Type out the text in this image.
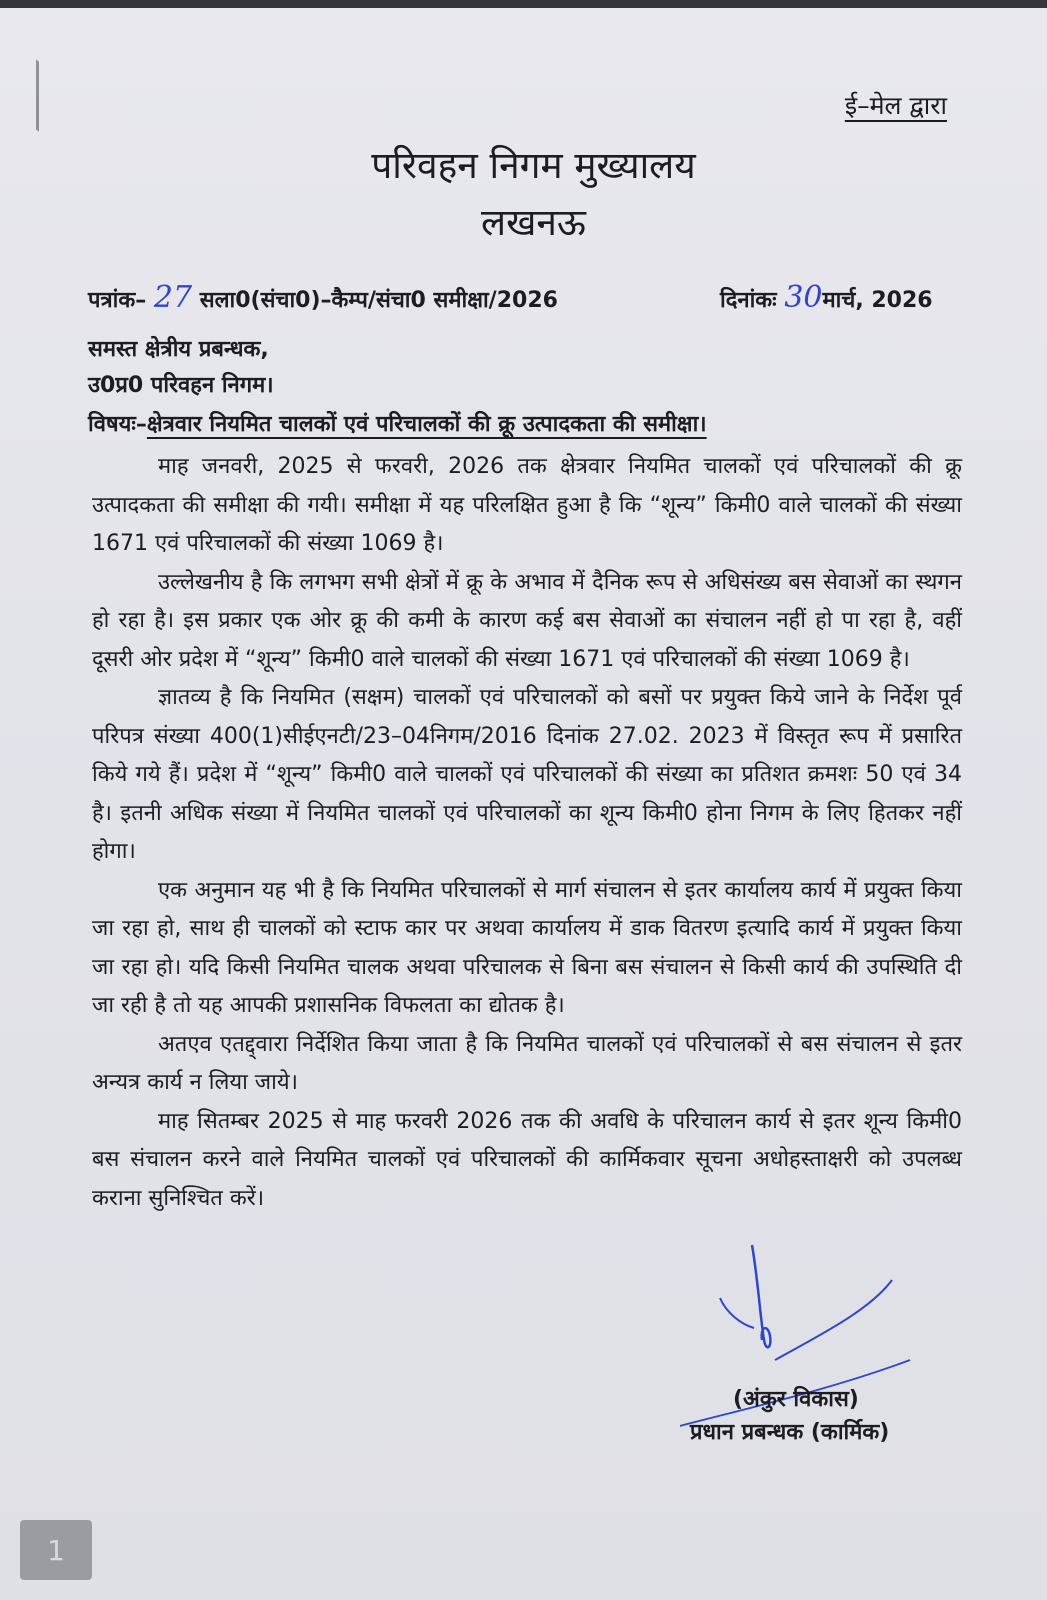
ई–मेल द्वारा
परिवहन निगम मुख्यालय
लखनऊ
पत्रांक– 27 सला0(संचा0)–कैम्प/संचा0 समीक्षा/2026	दिनांकः 30मार्च, 2026
समस्त क्षेत्रीय प्रबन्धक,
उ0प्र0 परिवहन निगम।
विषयः–क्षेत्रवार नियमित चालकों एवं परिचालकों की क्रू उत्पादकता की समीक्षा।

माह जनवरी, 2025 से फरवरी, 2026 तक क्षेत्रवार नियमित चालकों एवं परिचालकों की क्रू उत्पादकता की समीक्षा की गयी। समीक्षा में यह परिलक्षित हुआ है कि “शून्य” किमी0 वाले चालकों की संख्या 1671 एवं परिचालकों की संख्या 1069 है।

उल्लेखनीय है कि लगभग सभी क्षेत्रों में क्रू के अभाव में दैनिक रूप से अधिसंख्य बस सेवाओं का स्थगन हो रहा है। इस प्रकार एक ओर क्रू की कमी के कारण कई बस सेवाओं का संचालन नहीं हो पा रहा है, वहीं दूसरी ओर प्रदेश में “शून्य” किमी0 वाले चालकों की संख्या 1671 एवं परिचालकों की संख्या 1069 है।

ज्ञातव्य है कि नियमित (सक्षम) चालकों एवं परिचालकों को बसों पर प्रयुक्त किये जाने के निर्देश पूर्व परिपत्र संख्या 400(1)सीईएनटी/23–04निगम/2016 दिनांक 27.02. 2023 में विस्तृत रूप में प्रसारित किये गये हैं। प्रदेश में “शून्य” किमी0 वाले चालकों एवं परिचालकों की संख्या का प्रतिशत क्रमशः 50 एवं 34 है। इतनी अधिक संख्या में नियमित चालकों एवं परिचालकों का शून्य किमी0 होना निगम के लिए हितकर नहीं होगा।

एक अनुमान यह भी है कि नियमित परिचालकों से मार्ग संचालन से इतर कार्यालय कार्य में प्रयुक्त किया जा रहा हो, साथ ही चालकों को स्टाफ कार पर अथवा कार्यालय में डाक वितरण इत्यादि कार्य में प्रयुक्त किया जा रहा हो। यदि किसी नियमित चालक अथवा परिचालक से बिना बस संचालन से किसी कार्य की उपस्थिति दी जा रही है तो यह आपकी प्रशासनिक विफलता का द्योतक है।

अतएव एतद्द्वारा निर्देशित किया जाता है कि नियमित चालकों एवं परिचालकों से बस संचालन से इतर अन्यत्र कार्य न लिया जाये।

माह सितम्बर 2025 से माह फरवरी 2026 तक की अवधि के परिचालन कार्य से इतर शून्य किमी0 बस संचालन करने वाले नियमित चालकों एवं परिचालकों की कार्मिकवार सूचना अधोहस्ताक्षरी को उपलब्ध कराना सुनिश्चित करें।

(अंकुर विकास)
प्रधान प्रबन्धक (कार्मिक)
1
